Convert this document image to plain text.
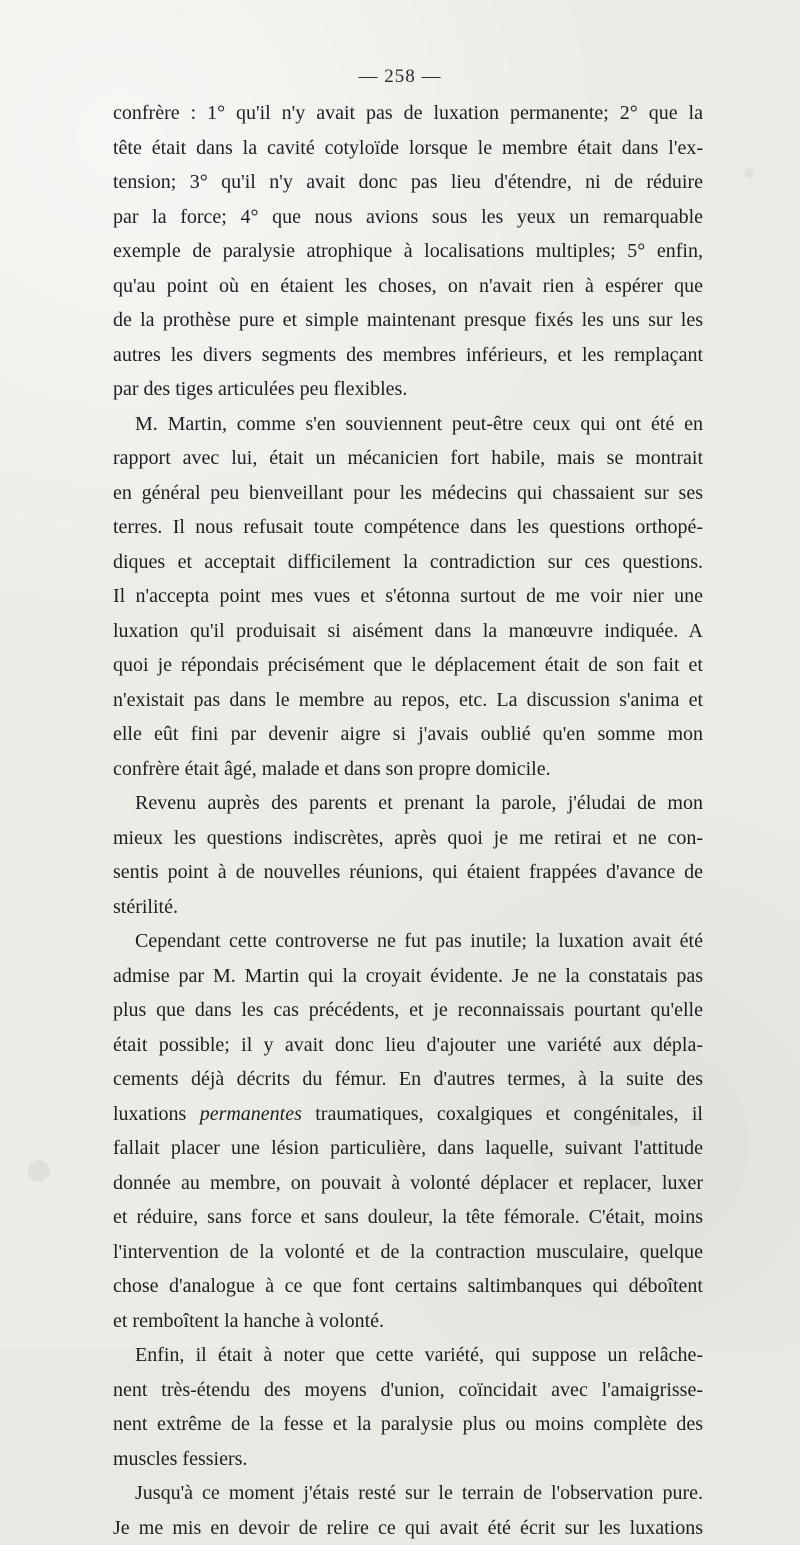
— 258 —
confrère : 1° qu'il n'y avait pas de luxation permanente; 2° que la
tête était dans la cavité cotyloïde lorsque le membre était dans l'ex-
tension; 3° qu'il n'y avait donc pas lieu d'étendre, ni de réduire
par la force; 4° que nous avions sous les yeux un remarquable
exemple de paralysie atrophique à localisations multiples; 5° enfin,
qu'au point où en étaient les choses, on n'avait rien à espérer que
de la prothèse pure et simple maintenant presque fixés les uns sur les
autres les divers segments des membres inférieurs, et les remplaçant
par des tiges articulées peu flexibles.
M. Martin, comme s'en souviennent peut-être ceux qui ont été en
rapport avec lui, était un mécanicien fort habile, mais se montrait
en général peu bienveillant pour les médecins qui chassaient sur ses
terres. Il nous refusait toute compétence dans les questions orthopé-
diques et acceptait difficilement la contradiction sur ces questions.
Il n'accepta point mes vues et s'étonna surtout de me voir nier une
luxation qu'il produisait si aisément dans la manœuvre indiquée. A
quoi je répondais précisément que le déplacement était de son fait et
n'existait pas dans le membre au repos, etc. La discussion s'anima et
elle eût fini par devenir aigre si j'avais oublié qu'en somme mon
confrère était âgé, malade et dans son propre domicile.
Revenu auprès des parents et prenant la parole, j'éludai de mon
mieux les questions indiscrètes, après quoi je me retirai et ne con-
sentis point à de nouvelles réunions, qui étaient frappées d'avance de
stérilité.
Cependant cette controverse ne fut pas inutile; la luxation avait été
admise par M. Martin qui la croyait évidente. Je ne la constatais pas
plus que dans les cas précédents, et je reconnaissais pourtant qu'elle
était possible; il y avait donc lieu d'ajouter une variété aux dépla-
cements déjà décrits du fémur. En d'autres termes, à la suite des
luxations permanentes traumatiques, coxalgiques et congénitales, il
fallait placer une lésion particulière, dans laquelle, suivant l'attitude
donnée au membre, on pouvait à volonté déplacer et replacer, luxer
et réduire, sans force et sans douleur, la tête fémorale. C'était, moins
l'intervention de la volonté et de la contraction musculaire, quelque
chose d'analogue à ce que font certains saltimbanques qui déboîtent
et remboîtent la hanche à volonté.
Enfin, il était à noter que cette variété, qui suppose un relâche-
nent très-étendu des moyens d'union, coïncidait avec l'amaigrisse-
nent extrême de la fesse et la paralysie plus ou moins complète des
muscles fessiers.
Jusqu'à ce moment j'étais resté sur le terrain de l'observation pure.
Je me mis en devoir de relire ce qui avait été écrit sur les luxations
